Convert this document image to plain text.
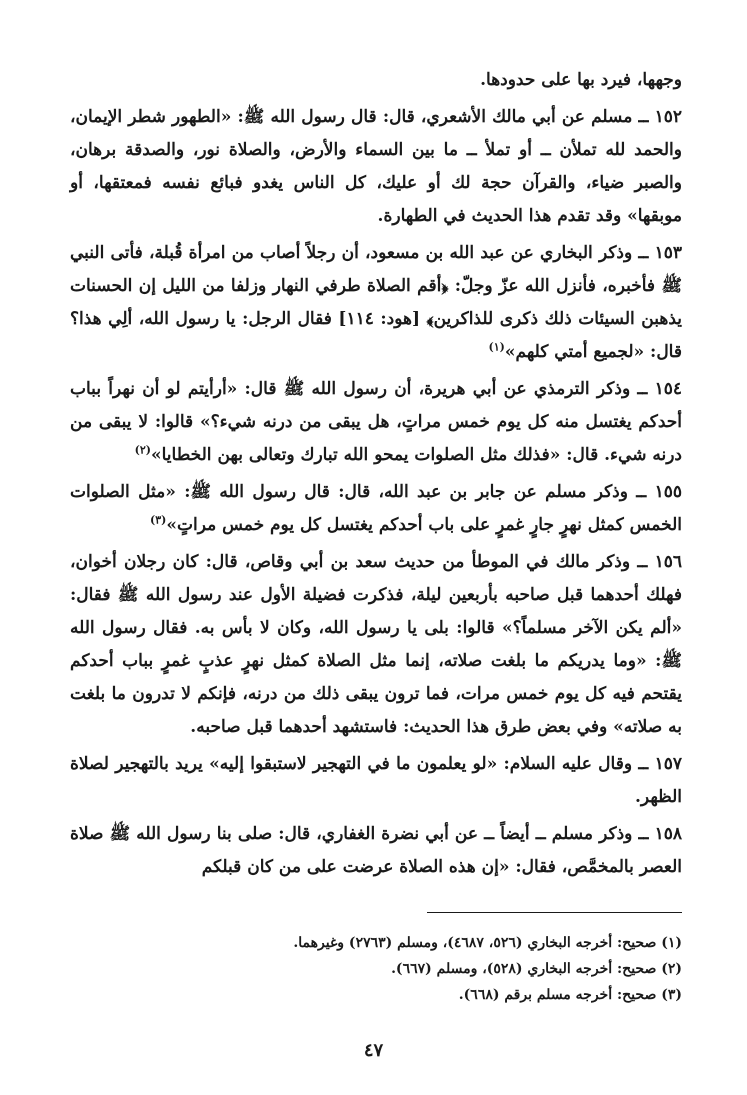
وجهها، فيرد بها على حدودها.

١٥٢ ــ مسلم عن أبي مالك الأشعري، قال: قال رسول الله ﷺ: «الطهور شطر الإيمان، والحمد لله تملأن ــ أو تملأ ــ ما بين السماء والأرض، والصلاة نور، والصدقة برهان، والصبر ضياء، والقرآن حجة لك أو عليك، كل الناس يغدو فبائع نفسه فمعتقها، أو موبقها» وقد تقدم هذا الحديث في الطهارة.

١٥٣ ــ وذكر البخاري عن عبد الله بن مسعود، أن رجلاً أصاب من امرأة قُبلة، فأتى النبي ﷺ فأخبره، فأنزل الله عزّ وجلّ: ﴿أقم الصلاة طرفي النهار وزلفا من الليل إن الحسنات يذهبن السيئات ذلك ذكرى للذاكرين﴾ [هود: ١١٤] فقال الرجل: يا رسول الله، ألِي هذا؟ قال: «لجميع أمتي كلهم»$^{(١)}$

١٥٤ ــ وذكر الترمذي عن أبي هريرة، أن رسول الله ﷺ قال: «أرأيتم لو أن نهراً بباب أحدكم يغتسل منه كل يوم خمس مراتٍ، هل يبقى من درنه شيء؟» قالوا: لا يبقى من درنه شيء. قال: «فذلك مثل الصلوات يمحو الله تبارك وتعالى بهن الخطايا»$^{(٢)}$

١٥٥ ــ وذكر مسلم عن جابر بن عبد الله، قال: قال رسول الله ﷺ: «مثل الصلوات الخمس كمثل نهرٍ جارٍ غمرٍ على باب أحدكم يغتسل كل يوم خمس مراتٍ»$^{(٣)}$

١٥٦ ــ وذكر مالك في الموطأ من حديث سعد بن أبي وقاص، قال: كان رجلان أخوان، فهلك أحدهما قبل صاحبه بأربعين ليلة، فذكرت فضيلة الأول عند رسول الله ﷺ فقال: «ألم يكن الآخر مسلماً؟» قالوا: بلى يا رسول الله، وكان لا بأس به. فقال رسول الله ﷺ: «وما يدريكم ما بلغت صلاته، إنما مثل الصلاة كمثل نهرٍ عذبٍ غمرٍ بباب أحدكم يقتحم فيه كل يوم خمس مرات، فما ترون يبقى ذلك من درنه، فإنكم لا تدرون ما بلغت به صلاته» وفي بعض طرق هذا الحديث: فاستشهد أحدهما قبل صاحبه.

١٥٧ ــ وقال عليه السلام: «لو يعلمون ما في التهجير لاستبقوا إليه» يريد بالتهجير لصلاة الظهر.

١٥٨ ــ وذكر مسلم ــ أيضاً ــ عن أبي نضرة الغفاري، قال: صلى بنا رسول الله ﷺ صلاة العصر بالمخمَّص، فقال: «إن هذه الصلاة عرضت على من كان قبلكم

(١) صحيح: أخرجه البخاري (٥٢٦، ٤٦٨٧)، ومسلم (٢٧٦٣) وغيرهما.

(٢) صحيح: أخرجه البخاري (٥٢٨)، ومسلم (٦٦٧).

(٣) صحيح: أخرجه مسلم برقم (٦٦٨).

٤٧
